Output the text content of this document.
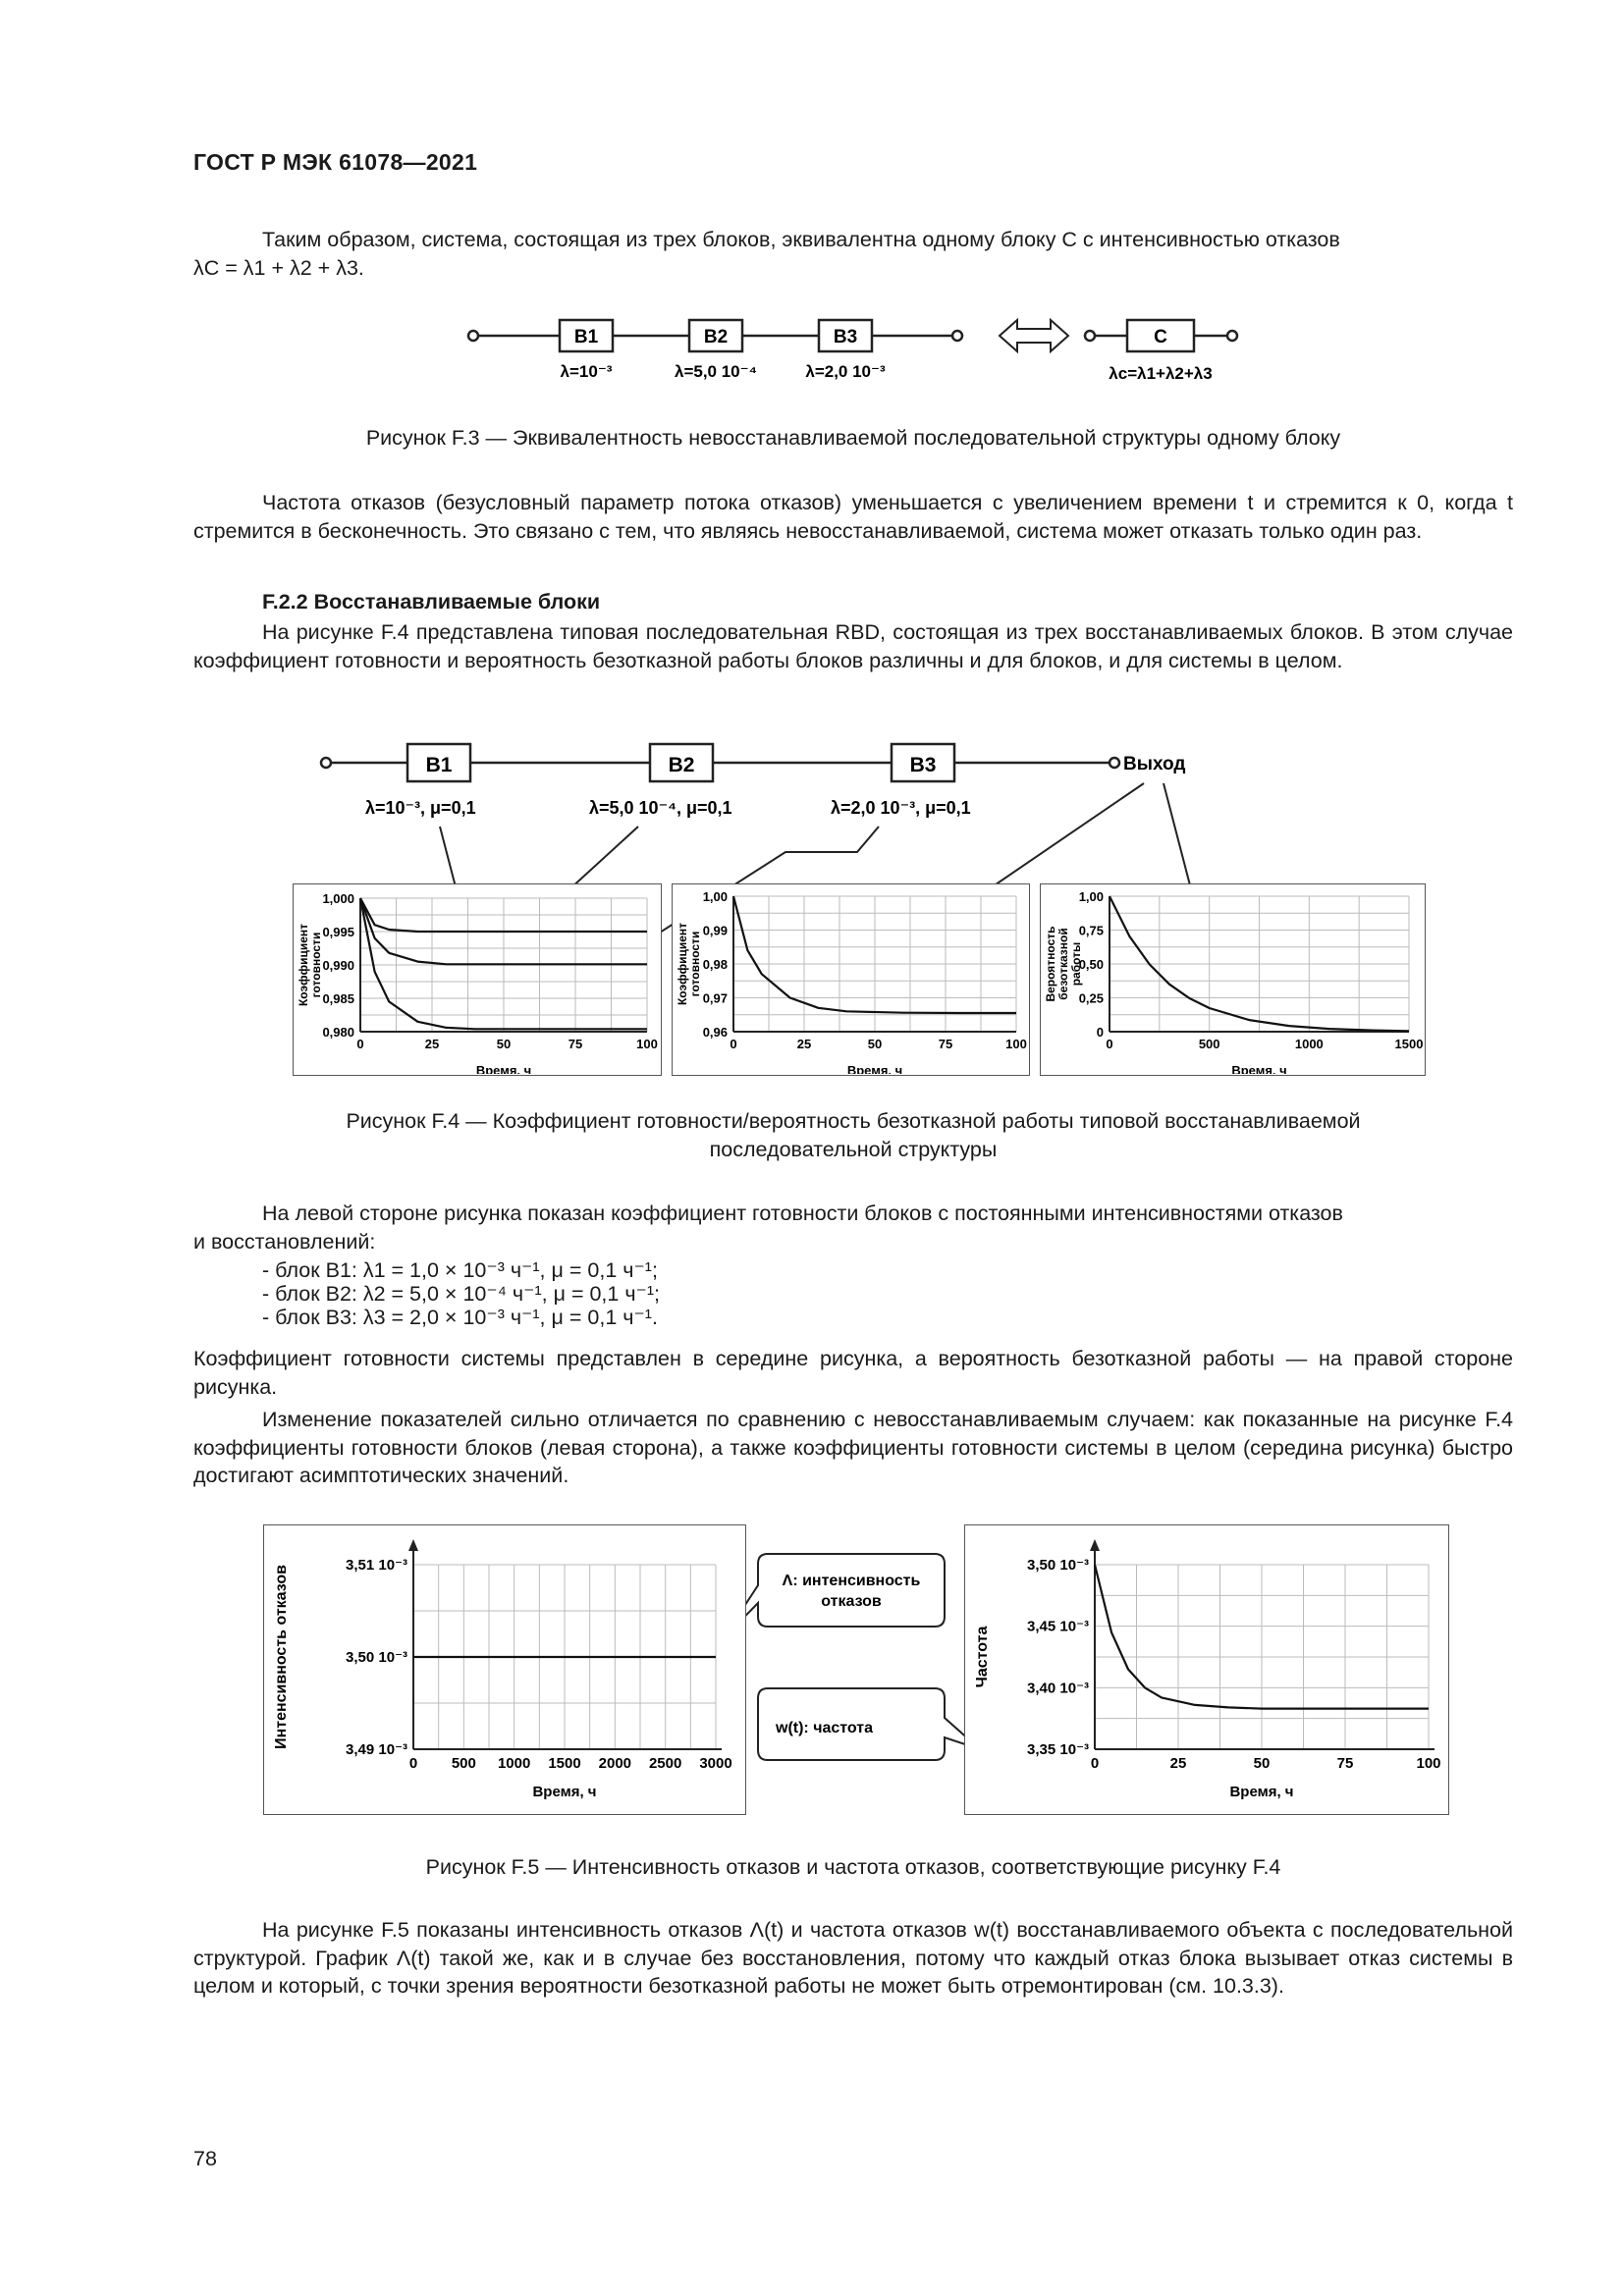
ГОСТ Р МЭК 61078—2021

Таким образом, система, состоящая из трех блоков, эквивалентна одному блоку С с интенсивностью отказов
λC = λ1 + λ2 + λ3.

B1	B2	B3	C
λ=10⁻³	λ=5,0 10⁻⁴	λ=2,0 10⁻³	λc=λ1+λ2+λ3
Рисунок F.3 — Эквивалентность невосстанавливаемой последовательной структуры одному блоку

Частота отказов (безусловный параметр потока отказов) уменьшается с увеличением времени t и стремится к 0, когда t стремится в бесконечность. Это связано с тем, что являясь невосстанавливаемой, система может отказать только один раз.

F.2.2 Восстанавливаемые блоки

На рисунке F.4 представлена типовая последовательная RBD, состоящая из трех восстанавливаемых блоков. В этом случае коэффициент готовности и вероятность безотказной работы блоков различны и для блоков, и для системы в целом.

B1	B2	B3	Выход
λ=10⁻³, μ=0,1	λ=5,0 10⁻⁴, μ=0,1	λ=2,0 10⁻³, μ=0,1
0	25	50	75	100
1,000
0,995
0,990
0,985
0,980
Время, ч
Коэффициент готовности
0	25	50	75	100
1,00
0,99
0,98
0,97
0,96
Время, ч
Коэффициент готовности
0	500	1000	1500
1,00
0,75
0,50
0,25
0
Время, ч
Вероятность безотказной работы
Рисунок F.4 — Коэффициент готовности/вероятность безотказной работы типовой восстанавливаемой
последовательной структуры

На левой стороне рисунка показан коэффициент готовности блоков с постоянными интенсивностями отказов
и восстановлений:

- блок B1: λ1 = 1,0 × 10⁻³ ч⁻¹, μ = 0,1 ч⁻¹;
- блок B2: λ2 = 5,0 × 10⁻⁴ ч⁻¹, μ = 0,1 ч⁻¹;
- блок B3: λ3 = 2,0 × 10⁻³ ч⁻¹, μ = 0,1 ч⁻¹.

Коэффициент готовности системы представлен в середине рисунка, а вероятность безотказной работы — на правой стороне рисунка.

Изменение показателей сильно отличается по сравнению с невосстанавливаемым случаем: как показанные на рисунке F.4 коэффициенты готовности блоков (левая сторона), а также коэффициенты готовности системы в целом (середина рисунка) быстро достигают асимптотических значений.

0 500 1000 1500 2000 2500 3000
3,51 10⁻³
3,50 10⁻³
3,49 10⁻³
Время, ч
Интенсивность отказов	Λ: интенсивность
отказов
w(t): частота
0	25	50	75	100
3,50 10⁻³
3,45 10⁻³
3,40 10⁻³
3,35 10⁻³
Время, ч
Частота
Рисунок F.5 — Интенсивность отказов и частота отказов, соответствующие рисунку F.4

На рисунке F.5 показаны интенсивность отказов Λ(t) и частота отказов w(t) восстанавливаемого объекта с последовательной структурой. График Λ(t) такой же, как и в случае без восстановления, потому что каждый отказ блока вызывает отказ системы в целом и который, с точки зрения вероятности безотказной работы не может быть отремонтирован (см. 10.3.3).

78
